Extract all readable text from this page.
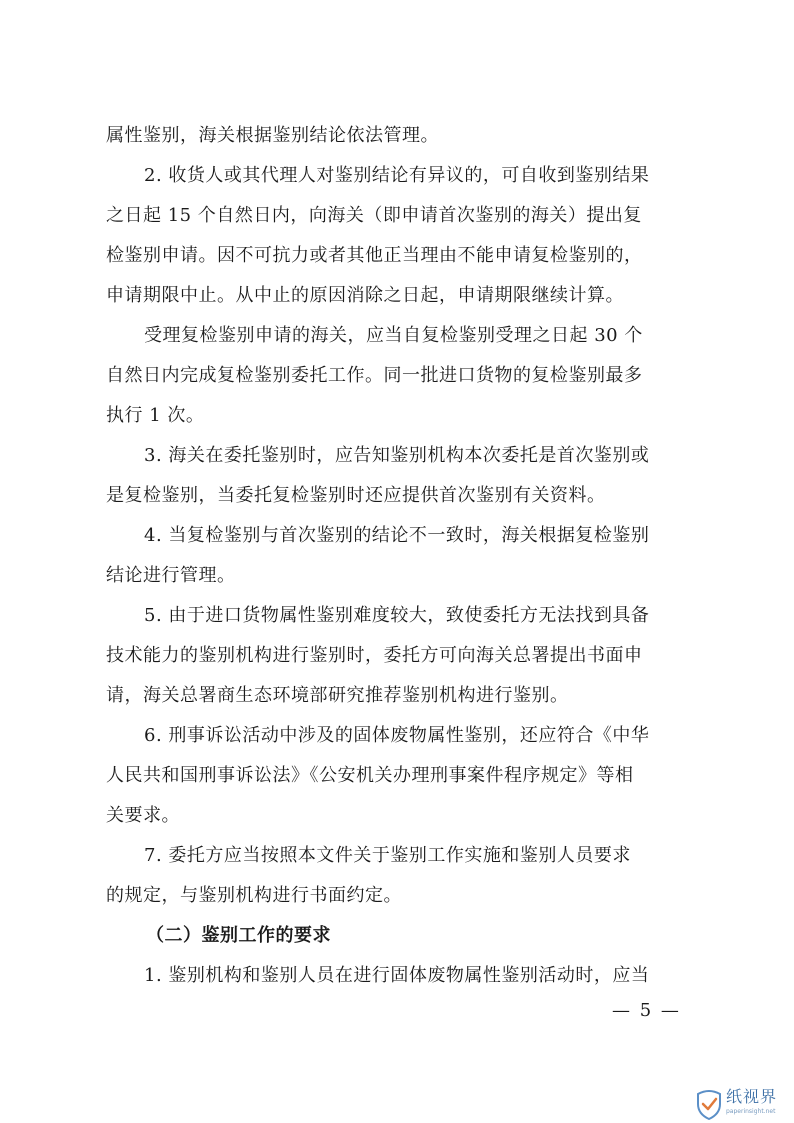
属性鉴别，海关根据鉴别结论依法管理。
2. 收货人或其代理人对鉴别结论有异议的，可自收到鉴别结果
之日起 15 个自然日内，向海关（即申请首次鉴别的海关）提出复
检鉴别申请。因不可抗力或者其他正当理由不能申请复检鉴别的，
申请期限中止。从中止的原因消除之日起，申请期限继续计算。
受理复检鉴别申请的海关，应当自复检鉴别受理之日起 30 个
自然日内完成复检鉴别委托工作。同一批进口货物的复检鉴别最多
执行 1 次。
3. 海关在委托鉴别时，应告知鉴别机构本次委托是首次鉴别或
是复检鉴别，当委托复检鉴别时还应提供首次鉴别有关资料。
4. 当复检鉴别与首次鉴别的结论不一致时，海关根据复检鉴别
结论进行管理。
5. 由于进口货物属性鉴别难度较大，致使委托方无法找到具备
技术能力的鉴别机构进行鉴别时，委托方可向海关总署提出书面申
请，海关总署商生态环境部研究推荐鉴别机构进行鉴别。
6. 刑事诉讼活动中涉及的固体废物属性鉴别，还应符合《中华
人民共和国刑事诉讼法》《公安机关办理刑事案件程序规定》等相
关要求。
7. 委托方应当按照本文件关于鉴别工作实施和鉴别人员要求
的规定，与鉴别机构进行书面约定。
（二）鉴别工作的要求
1. 鉴别机构和鉴别人员在进行固体废物属性鉴别活动时，应当
— 5 —
纸视界
paperinsight.net
